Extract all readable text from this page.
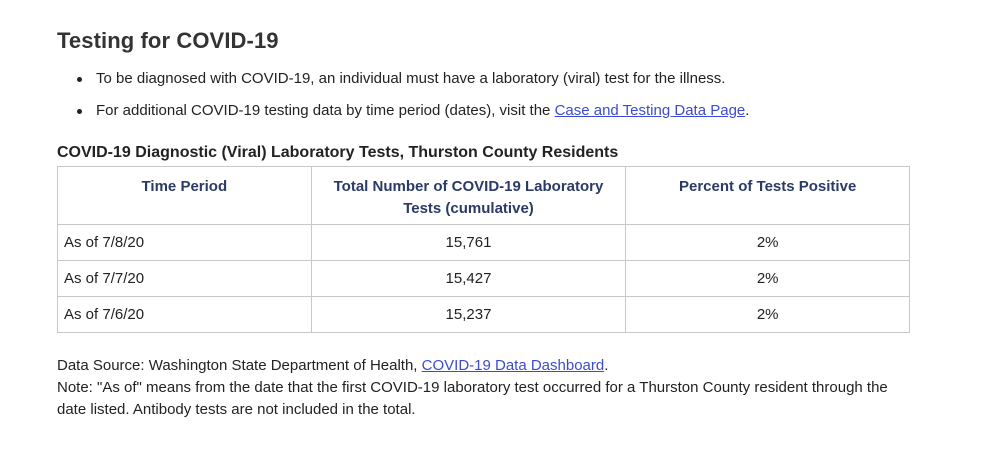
Testing for COVID-19
To be diagnosed with COVID-19, an individual must have a laboratory (viral) test for the illness.
For additional COVID-19 testing data by time period (dates), visit the Case and Testing Data Page.
COVID-19 Diagnostic (Viral) Laboratory Tests, Thurston County Residents
Time Period	Total Number of COVID-19 Laboratory Tests (cumulative)	Percent of Tests Positive
As of 7/8/20	15,761	2%
As of 7/7/20	15,427	2%
As of 7/6/20	15,237	2%
Data Source: Washington State Department of Health, COVID-19 Data Dashboard.
Note: "As of" means from the date that the first COVID-19 laboratory test occurred for a Thurston County resident through the date listed. Antibody tests are not included in the total.
